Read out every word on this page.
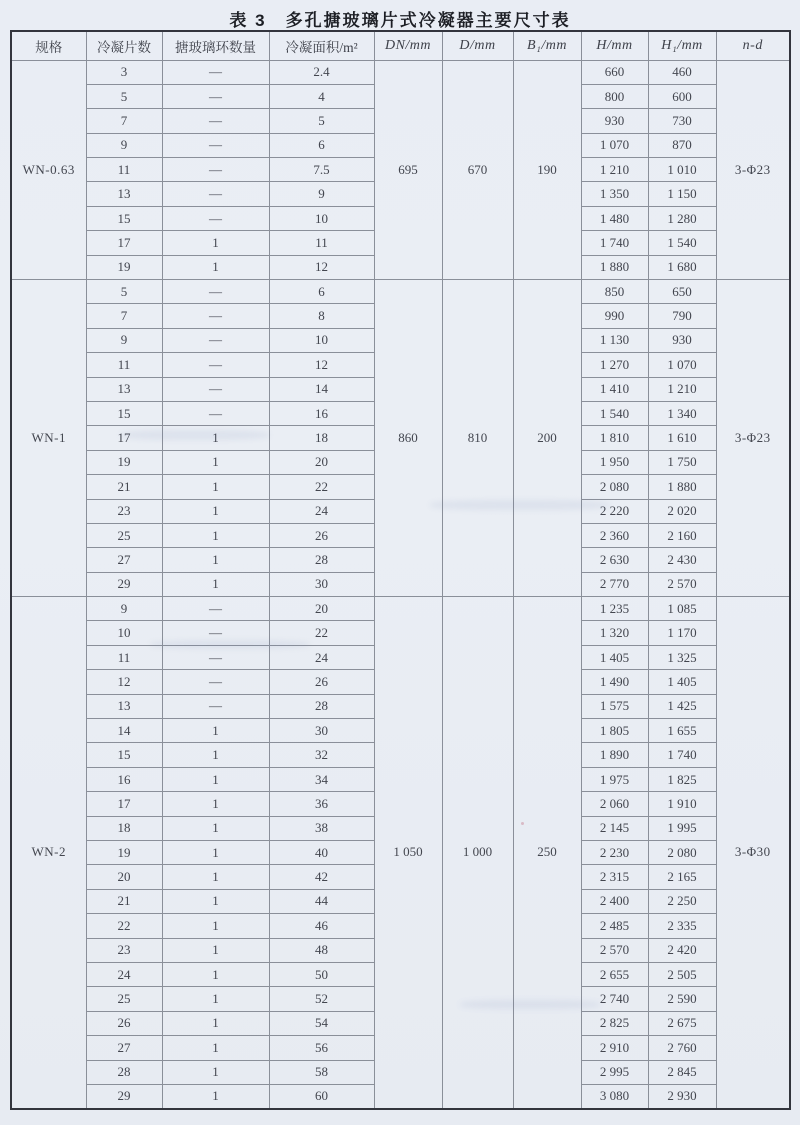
表 3　多孔搪玻璃片式冷凝器主要尺寸表
规格	冷凝片数	搪玻璃环数量	冷凝面积/m²	DN/mm	D/mm	B₁/mm	H/mm	H₁/mm	n-d
WN-0.63	3	—	2.4	695	670	190	660	460	3-Φ23
	5	—	4				800	600	
	7	—	5				930	730	
	9	—	6				1 070	870	
	11	—	7.5				1 210	1 010	
	13	—	9				1 350	1 150	
	15	—	10				1 480	1 280	
	17	1	11				1 740	1 540	
	19	1	12				1 880	1 680	
WN-1	5	—	6	860	810	200	850	650	3-Φ23
	7	—	8				990	790	
	9	—	10				1 130	930	
	11	—	12				1 270	1 070	
	13	—	14				1 410	1 210	
	15	—	16				1 540	1 340	
	17	1	18				1 810	1 610	
	19	1	20				1 950	1 750	
	21	1	22				2 080	1 880	
	23	1	24				2 220	2 020	
	25	1	26				2 360	2 160	
	27	1	28				2 630	2 430	
	29	1	30				2 770	2 570	
WN-2	9	—	20	1 050	1 000	250	1 235	1 085	3-Φ30
	10	—	22				1 320	1 170	
	11	—	24				1 405	1 325	
	12	—	26				1 490	1 405	
	13	—	28				1 575	1 425	
	14	1	30				1 805	1 655	
	15	1	32				1 890	1 740	
	16	1	34				1 975	1 825	
	17	1	36				2 060	1 910	
	18	1	38				2 145	1 995	
	19	1	40				2 230	2 080	
	20	1	42				2 315	2 165	
	21	1	44				2 400	2 250	
	22	1	46				2 485	2 335	
	23	1	48				2 570	2 420	
	24	1	50				2 655	2 505	
	25	1	52				2 740	2 590	
	26	1	54				2 825	2 675	
	27	1	56				2 910	2 760	
	28	1	58				2 995	2 845	
	29	1	60				3 080	2 930	
